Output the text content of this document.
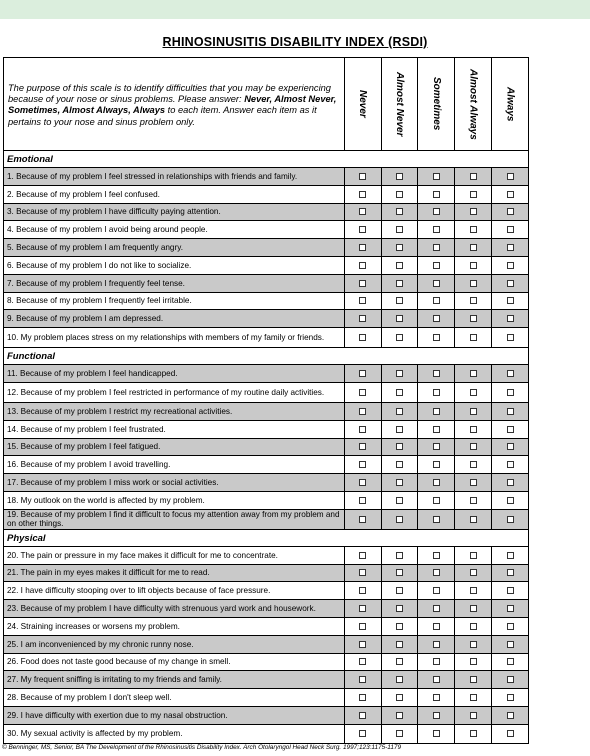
RHINOSINUSITIS DISABILITY INDEX (RSDI)
The purpose of this scale is to identify difficulties that you may be experiencing because of your nose or sinus problems. Please answer: Never, Almost Never, Sometimes, Almost Always, Always to each item. Answer each item as it pertains to your nose and sinus problem only.
Never	Almost Never	Sometimes	Almost Always	Always
Emotional
1. Because of my problem I feel stressed in relationships with friends and family.
2. Because of my problem I feel confused.
3. Because of my problem I have difficulty paying attention.
4. Because of my problem I avoid being around people.
5. Because of my problem I am frequently angry.
6. Because of my problem I do not like to socialize.
7. Because of my problem I frequently feel tense.
8. Because of my problem I frequently feel irritable.
9. Because of my problem I am depressed.
10. My problem places stress on my relationships with members of my family or friends.
Functional
11. Because of my problem I feel handicapped.
12. Because of my problem I feel restricted in performance of my routine daily activities.
13. Because of my problem I restrict my recreational activities.
14. Because of my problem I feel frustrated.
15. Because of my problem I feel fatigued.
16. Because of my problem I avoid travelling.
17. Because of my problem I miss work or social activities.
18. My outlook on the world is affected by my problem.
19. Because of my problem I find it difficult to focus my attention away from my problem and on other things.
Physical
20. The pain or pressure in my face makes it difficult for me to concentrate.
21. The pain in my eyes makes it difficult for me to read.
22. I have difficulty stooping over to lift objects because of face pressure.
23. Because of my problem I have difficulty with strenuous yard work and housework.
24. Straining increases or worsens my problem.
25. I am inconvenienced by my chronic runny nose.
26. Food does not taste good because of my change in smell.
27. My frequent sniffing is irritating to my friends and family.
28. Because of my problem I don't sleep well.
29. I have difficulty with exertion due to my nasal obstruction.
30. My sexual activity is affected by my problem.
© Benninger, MS, Senior, BA The Development of the Rhinosinusitis Disability Index. Arch Otolaryngol Head Neck Surg. 1997;123:1175-1179
